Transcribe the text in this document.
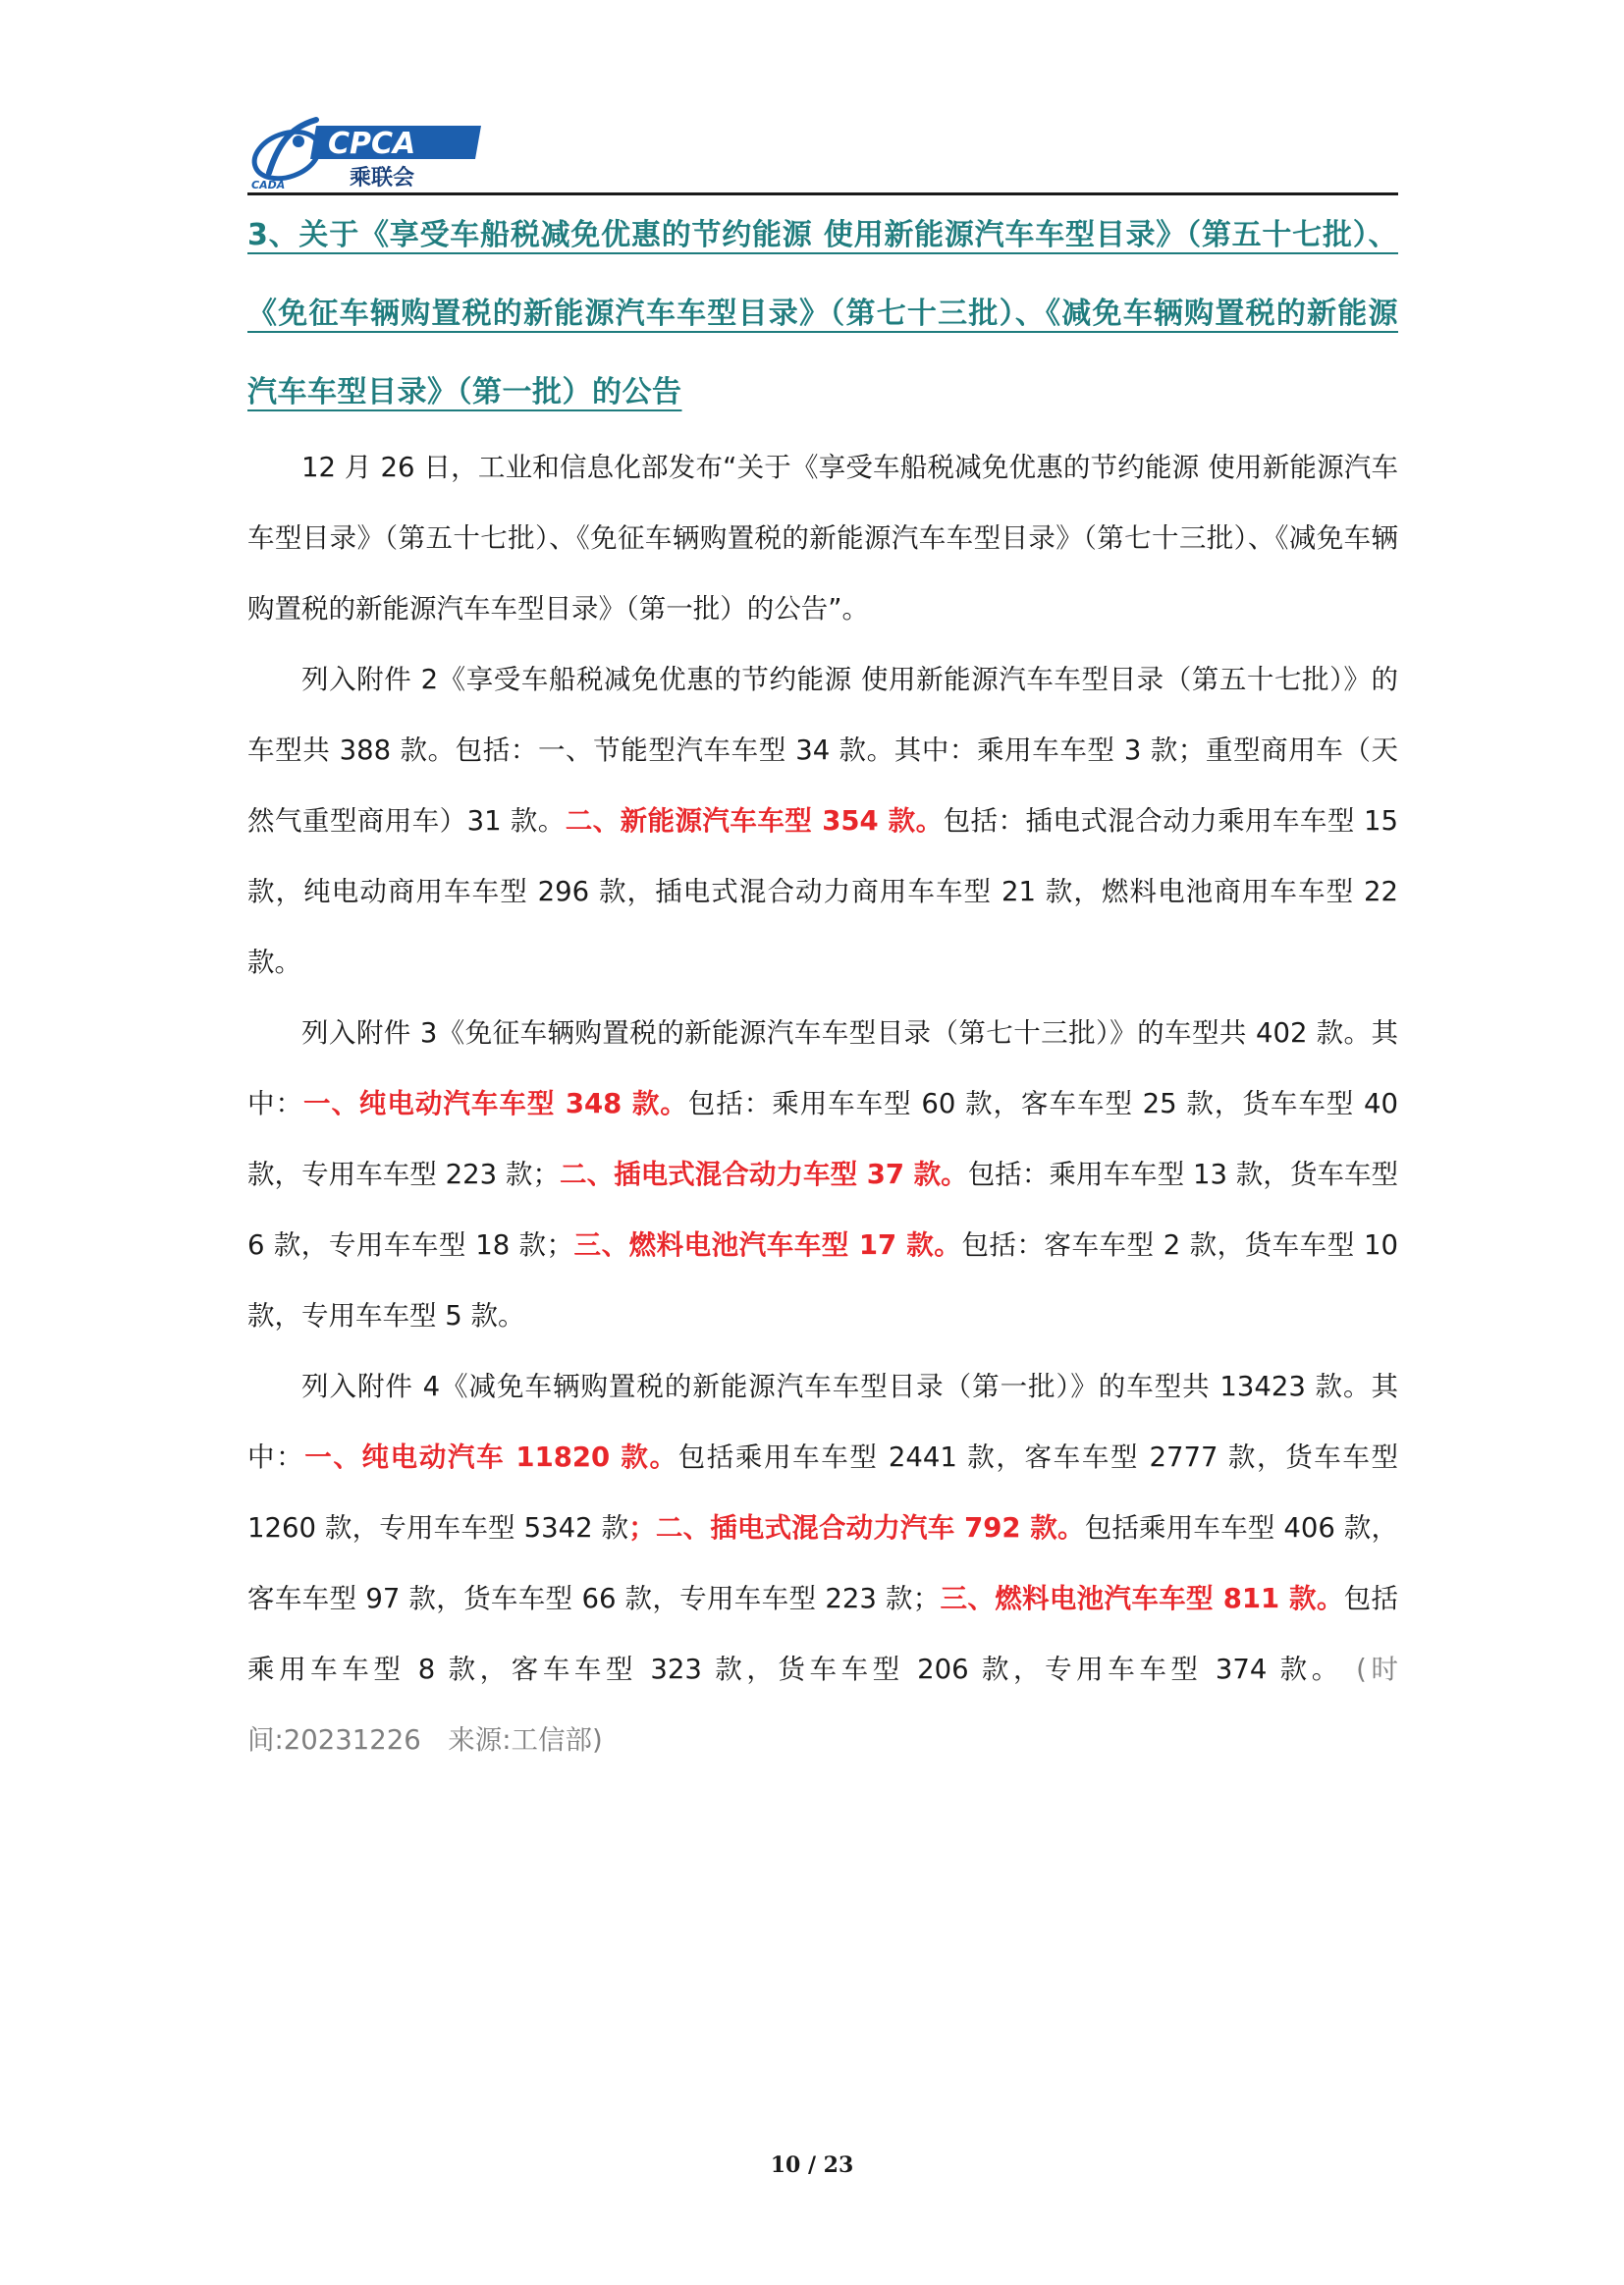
CPCA
乘联会
CADA
3、关于《享受车船税减免优惠的节约能源 使用新能源汽车车型目录》（第五十七批）、《免征车辆购置税的新能源汽车车型目录》（第七十三批）、《减免车辆购置税的新能源汽车车型目录》（第一批）的公告

12 月 26 日，工业和信息化部发布“关于《享受车船税减免优惠的节约能源 使用新能源汽车车型目录》（第五十七批）、《免征车辆购置税的新能源汽车车型目录》（第七十三批）、《减免车辆购置税的新能源汽车车型目录》（第一批）的公告”。

列入附件 2《享受车船税减免优惠的节约能源 使用新能源汽车车型目录（第五十七批）》的车型共 388 款。包括：一、节能型汽车车型 34 款。其中：乘用车车型 3 款；重型商用车（天然气重型商用车）31 款。二、新能源汽车车型 354 款。包括：插电式混合动力乘用车车型 15 款，纯电动商用车车型 296 款，插电式混合动力商用车车型 21 款，燃料电池商用车车型 22 款。

列入附件 3《免征车辆购置税的新能源汽车车型目录（第七十三批）》的车型共 402 款。其中：一、纯电动汽车车型 348 款。包括：乘用车车型 60 款，客车车型 25 款，货车车型 40 款，专用车车型 223 款；二、插电式混合动力车型 37 款。包括：乘用车车型 13 款，货车车型 6 款，专用车车型 18 款；三、燃料电池汽车车型 17 款。包括：客车车型 2 款，货车车型 10 款，专用车车型 5 款。

列入附件 4《减免车辆购置税的新能源汽车车型目录（第一批）》的车型共 13423 款。其中：一、纯电动汽车 11820 款。包括乘用车车型 2441 款，客车车型 2777 款，货车车型 1260 款，专用车车型 5342 款；二、插电式混合动力汽车 792 款。包括乘用车车型 406 款，客车车型 97 款，货车车型 66 款，专用车车型 223 款；三、燃料电池汽车车型 811 款。包括乘用车车型 8 款，客车车型 323 款，货车车型 206 款，专用车车型 374 款。 (时间:20231226　来源:工信部)

10 / 23
